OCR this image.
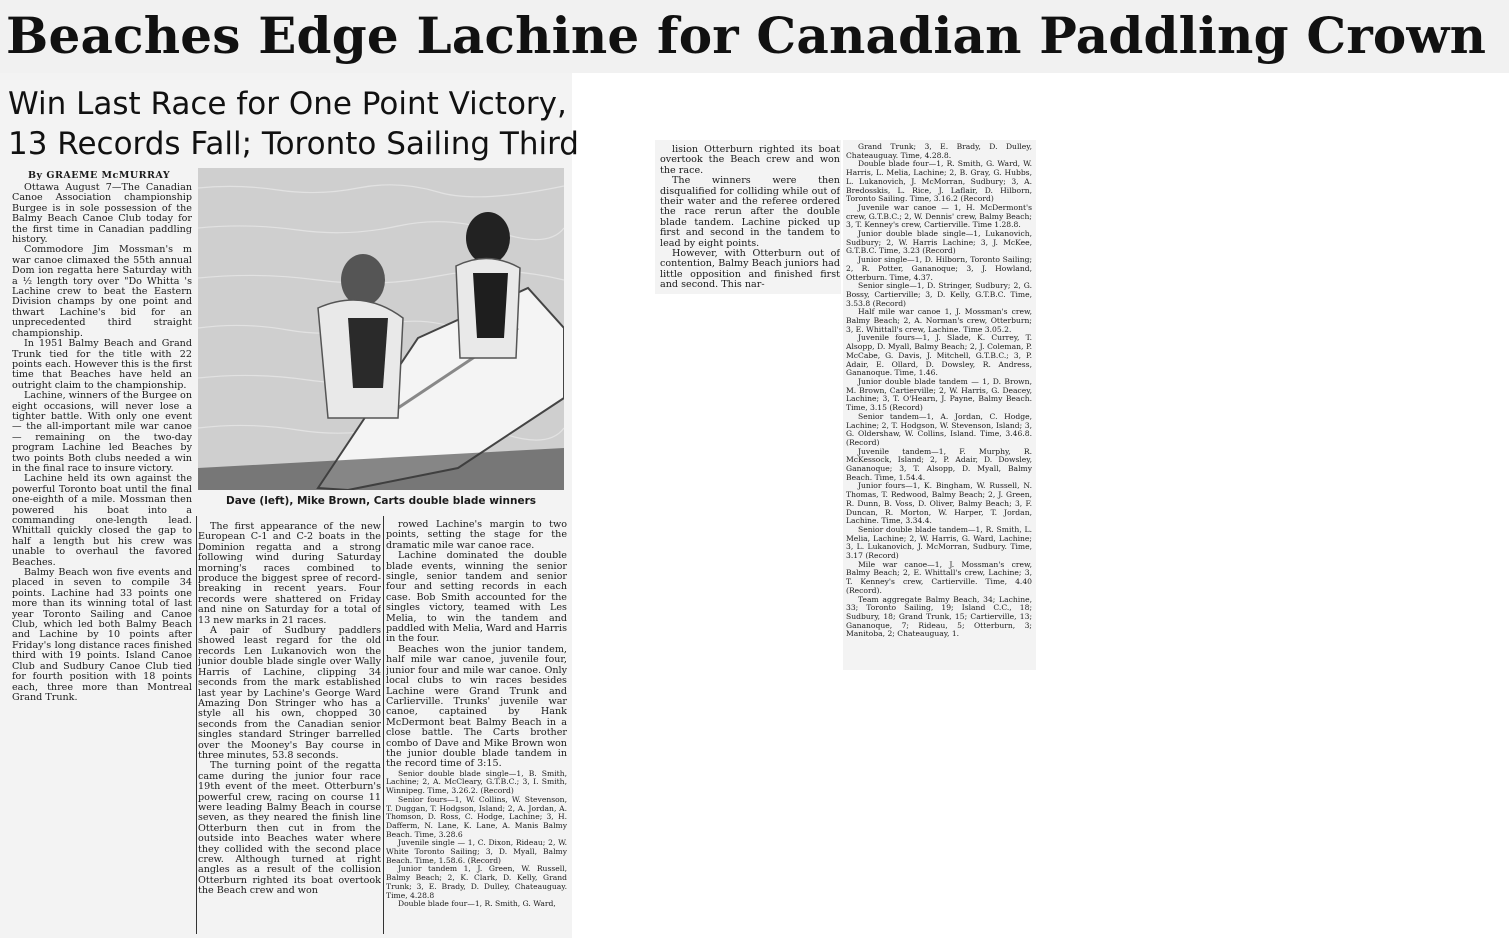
Beaches Edge Lachine for Canadian Paddling Crown
Win Last Race for One Point Victory,
13 Records Fall; Toronto Sailing Third
By GRAEME McMURRAY

Ottawa August 7—The Canadian Canoe Association championship Burgee is in sole possession of the Balmy Beach Canoe Club today for the first time in Canadian paddling history.

Commodore Jim Mossman's m war canoe climaxed the 55th annual Dom ion regatta here Saturday with a ½ length tory over "Do Whitta 's Lachine crew to beat the Eastern Division champs by one point and thwart Lachine's bid for an unprecedented third straight championship.

In 1951 Balmy Beach and Grand Trunk tied for the title with 22 points each. However this is the first time that Beaches have held an outright claim to the championship.

Lachine, winners of the Burgee on eight occasions, will never lose a tighter battle. With only one event — the all-important mile war canoe — remaining on the two-day program Lachine led Beaches by two points Both clubs needed a win in the final race to insure victory.

Lachine held its own against the powerful Toronto boat until the final one-eighth of a mile. Mossman then powered his boat into a commanding one-length lead. Whittall quickly closed the gap to half a length but his crew was unable to overhaul the favored Beaches.

Balmy Beach won five events and placed in seven to compile 34 points. Lachine had 33 points one more than its winning total of last year Toronto Sailing and Canoe Club, which led both Balmy Beach and Lachine by 10 points after Friday's long distance races finished third with 19 points. Island Canoe Club and Sudbury Canoe Club tied for fourth position with 18 points each, three more than Montreal Grand Trunk.

Dave (left), Mike Brown, Carts double blade winners

The first appearance of the new European C-1 and C-2 boats in the Dominion regatta and a strong following wind during Saturday morning's races combined to produce the biggest spree of record-breaking in recent years. Four records were shattered on Friday and nine on Saturday for a total of 13 new marks in 21 races.

A pair of Sudbury paddlers showed least regard for the old records Len Lukanovich won the junior double blade single over Wally Harris of Lachine, clipping 34 seconds from the mark established last year by Lachine's George Ward Amazing Don Stringer who has a style all his own, chopped 30 seconds from the Canadian senior singles standard Stringer barrelled over the Mooney's Bay course in three minutes, 53.8 seconds.

The turning point of the regatta came during the junior four race 19th event of the meet. Otterburn's powerful crew, racing on course 11 were leading Balmy Beach in course seven, as they neared the finish line Otterburn then cut in from the outside into Beaches water where they collided with the second place crew. Although turned at right angles as a result of the collision Otterburn righted its boat overtook the Beach crew and won

rowed Lachine's margin to two points, setting the stage for the dramatic mile war canoe race.

Lachine dominated the double blade events, winning the senior single, senior tandem and senior four and setting records in each case. Bob Smith accounted for the singles victory, teamed with Les Melia, to win the tandem and paddled with Melia, Ward and Harris in the four.

Beaches won the junior tandem, half mile war canoe, juvenile four, junior four and mile war canoe. Only local clubs to win races besides Lachine were Grand Trunk and Carlierville. Trunks' juvenile war canoe, captained by Hank McDermont beat Balmy Beach in a close battle. The Carts brother combo of Dave and Mike Brown won the junior double blade tandem in the record time of 3:15.

Senior double blade single—1, B. Smith, Lachine; 2, A. McCleary, G.T.B.C.; 3, I. Smith, Winnipeg. Time, 3.26.2. (Record)

Senior fours—1, W. Collins, W. Stevenson, T. Duggan, T. Hodgson, Island; 2, A. Jordan, A. Thomson, D. Ross, C. Hodge, Lachine; 3, H. Dafferm, N. Lane, K. Lane, A. Manis Balmy Beach. Time, 3.28.6

Juvenile single — 1, C. Dixon, Rideau; 2, W. White Toronto Sailing; 3, D. Myall, Balmy Beach. Time, 1.58.6. (Record)

Junior tandem 1, J. Green, W. Russell, Balmy Beach; 2, K. Clark, D. Kelly, Grand Trunk; 3, E. Brady, D. Dulley, Chateauguay. Time, 4.28.8

Double blade four—1, R. Smith, G. Ward,

lision Otterburn righted its boat overtook the Beach crew and won the race.

The winners were then disqualified for colliding while out of their water and the referee ordered the race rerun after the double blade tandem. Lachine picked up first and second in the tandem to lead by eight points.

However, with Otterburn out of contention, Balmy Beach juniors had little opposition and finished first and second. This nar-

Grand Trunk; 3, E. Brady, D. Dulley, Chateauguay. Time, 4.28.8.

Double blade four—1, R. Smith, G. Ward, W. Harris, L. Melia, Lachine; 2, B. Gray, G. Hubbs, L. Lukanovich, J. McMorran, Sudbury; 3, A. Bredosskis, L. Rice, J. Laflair, D. Hilborn, Toronto Sailing. Time, 3.16.2 (Record)

Juvenile war canoe — 1, H. McDermont's crew, G.T.B.C.; 2, W. Dennis' crew, Balmy Beach; 3, T. Kenney's crew, Cartierville. Time 1.28.8.

Junior double blade single—1, Lukanovich, Sudbury; 2, W. Harris Lachine; 3, J. McKee, G.T.B.C. Time, 3.23 (Record)

Junior single—1, D. Hilborn, Toronto Sailing; 2, R. Potter, Gananoque; 3, J. Howland, Otterburn. Time, 4.37.

Senior single—1, D. Stringer, Sudbury; 2, G. Bossy, Cartierville; 3, D. Kelly, G.T.B.C. Time, 3.53.8 (Record)

Half mile war canoe 1, J. Mossman's crew, Balmy Beach; 2, A. Norman's crew, Otterburn; 3, E. Whittall's crew, Lachine. Time 3.05.2.

Juvenile fours—1, J. Slade, K. Currey, T. Alsopp, D. Myall, Balmy Beach; 2, J. Coleman, P. McCabe, G. Davis, J. Mitchell, G.T.B.C.; 3, P. Adair, E. Ollard, D. Dowsley, R. Andress, Gananoque. Time, 1.46.

Junior double blade tandem — 1, D. Brown, M. Brown, Cartierville; 2, W. Harris, G. Deacey, Lachine; 3, T. O'Hearn, J. Payne, Balmy Beach. Time, 3.15 (Record)

Senior tandem—1, A. Jordan, C. Hodge, Lachine; 2, T. Hodgson, W. Stevenson, Island; 3, G. Oldershaw, W. Collins, Island. Time, 3.46.8. (Record)

Juvenile tandem—1, F. Murphy, R. McKessock, Island; 2, P. Adair, D. Dowsley, Gananoque; 3, T. Alsopp, D. Myall, Balmy Beach. Time, 1.54.4.

Junior fours—1, K. Bingham, W. Russell, N. Thomas, T. Redwood, Balmy Beach; 2, J. Green, R. Dunn, B. Voss, D. Oliver, Balmy Beach; 3, F. Duncan, R. Morton, W. Harper, T. Jordan, Lachine. Time, 3.34.4.

Senior double blade tandem—1, R. Smith, L. Melia, Lachine; 2, W. Harris, G. Ward, Lachine; 3, L. Lukanovich, J. McMorran, Sudbury. Time, 3.17 (Record)

Mile war canoe—1, J. Mossman's crew, Balmy Beach; 2, E. Whittall's crew, Lachine; 3, T. Kenney's crew, Cartierville. Time, 4.40 (Record).

Team aggregate Balmy Beach, 34; Lachine, 33; Toronto Sailing, 19; Island C.C., 18; Sudbury, 18; Grand Trunk, 15; Cartierville, 13; Gananoque, 7; Rideau, 5; Otterburn, 3; Manitoba, 2; Chateauguay, 1.
